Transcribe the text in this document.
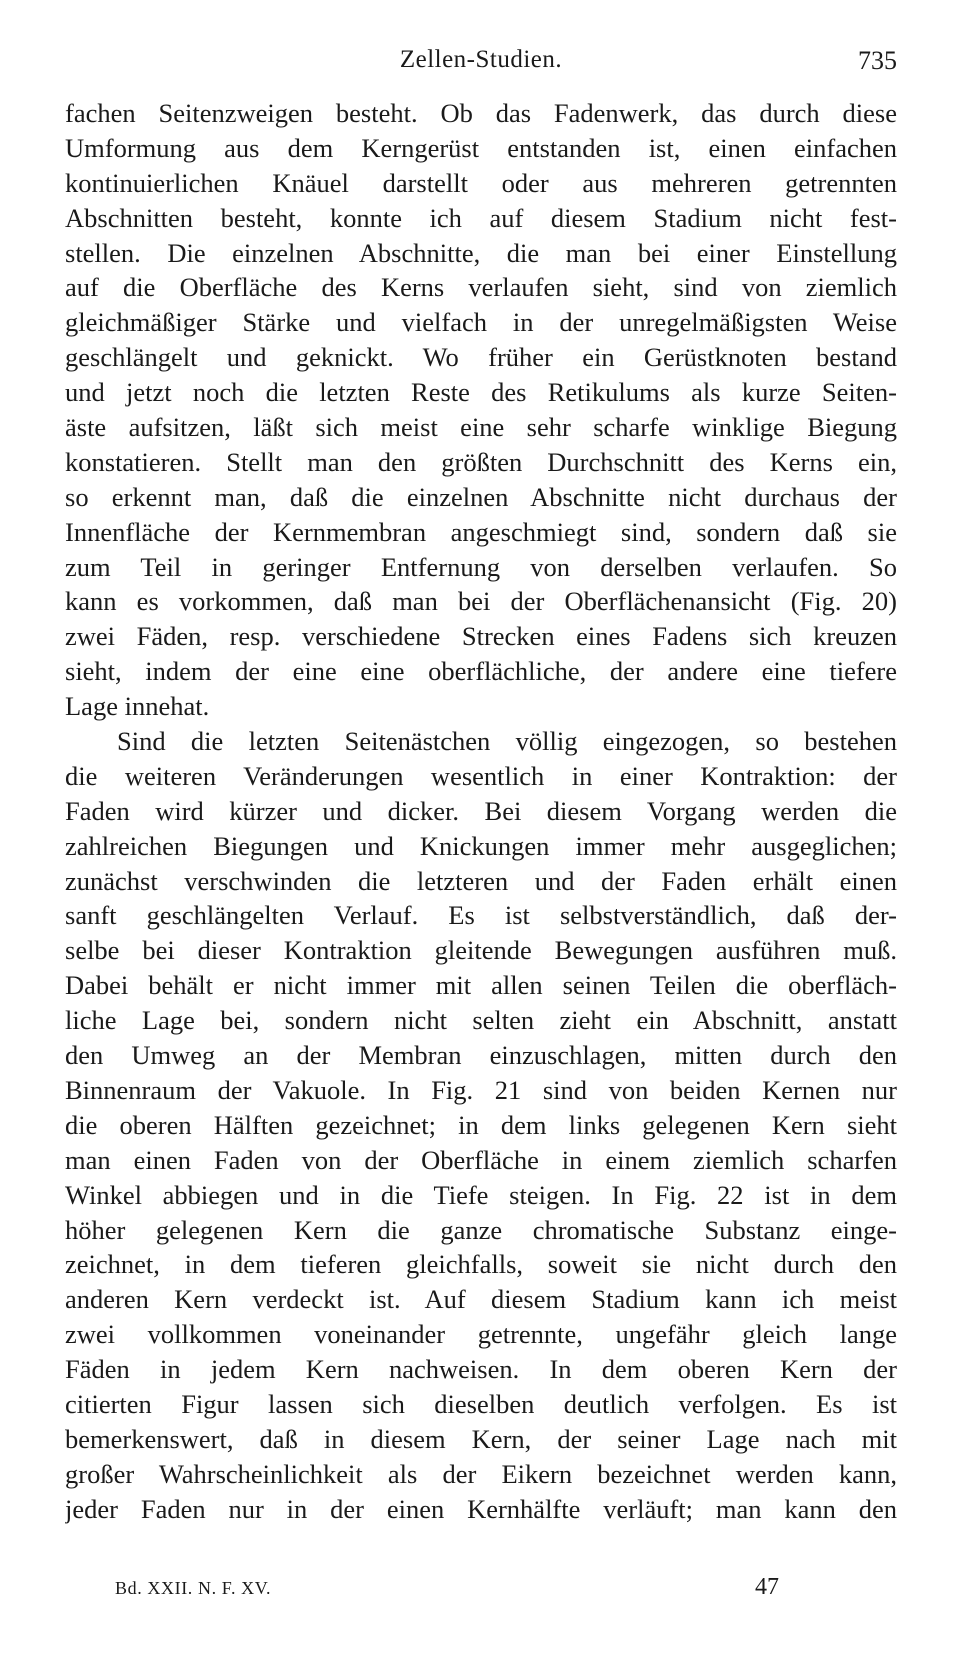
Zellen-Studien.	735
fachen Seitenzweigen besteht. Ob das Fadenwerk, das durch diese
Umformung aus dem Kerngerüst entstanden ist, einen einfachen
kontinuierlichen Knäuel darstellt oder aus mehreren getrennten
Abschnitten besteht, konnte ich auf diesem Stadium nicht fest-
stellen. Die einzelnen Abschnitte, die man bei einer Einstellung
auf die Oberfläche des Kerns verlaufen sieht, sind von ziemlich
gleichmäßiger Stärke und vielfach in der unregelmäßigsten Weise
geschlängelt und geknickt. Wo früher ein Gerüstknoten bestand
und jetzt noch die letzten Reste des Retikulums als kurze Seiten-
äste aufsitzen, läßt sich meist eine sehr scharfe winklige Biegung
konstatieren. Stellt man den größten Durchschnitt des Kerns ein,
so erkennt man, daß die einzelnen Abschnitte nicht durchaus der
Innenfläche der Kernmembran angeschmiegt sind, sondern daß sie
zum Teil in geringer Entfernung von derselben verlaufen. So
kann es vorkommen, daß man bei der Oberflächenansicht (Fig. 20)
zwei Fäden, resp. verschiedene Strecken eines Fadens sich kreuzen
sieht, indem der eine eine oberflächliche, der andere eine tiefere
Lage innehat.
Sind die letzten Seitenästchen völlig eingezogen, so bestehen
die weiteren Veränderungen wesentlich in einer Kontraktion: der
Faden wird kürzer und dicker. Bei diesem Vorgang werden die
zahlreichen Biegungen und Knickungen immer mehr ausgeglichen;
zunächst verschwinden die letzteren und der Faden erhält einen
sanft geschlängelten Verlauf. Es ist selbstverständlich, daß der-
selbe bei dieser Kontraktion gleitende Bewegungen ausführen muß.
Dabei behält er nicht immer mit allen seinen Teilen die oberfläch-
liche Lage bei, sondern nicht selten zieht ein Abschnitt, anstatt
den Umweg an der Membran einzuschlagen, mitten durch den
Binnenraum der Vakuole. In Fig. 21 sind von beiden Kernen nur
die oberen Hälften gezeichnet; in dem links gelegenen Kern sieht
man einen Faden von der Oberfläche in einem ziemlich scharfen
Winkel abbiegen und in die Tiefe steigen. In Fig. 22 ist in dem
höher gelegenen Kern die ganze chromatische Substanz einge-
zeichnet, in dem tieferen gleichfalls, soweit sie nicht durch den
anderen Kern verdeckt ist. Auf diesem Stadium kann ich meist
zwei vollkommen voneinander getrennte, ungefähr gleich lange
Fäden in jedem Kern nachweisen. In dem oberen Kern der
citierten Figur lassen sich dieselben deutlich verfolgen. Es ist
bemerkenswert, daß in diesem Kern, der seiner Lage nach mit
großer Wahrscheinlichkeit als der Eikern bezeichnet werden kann,
jeder Faden nur in der einen Kernhälfte verläuft; man kann den
Bd. XXII. N. F. XV.	47
